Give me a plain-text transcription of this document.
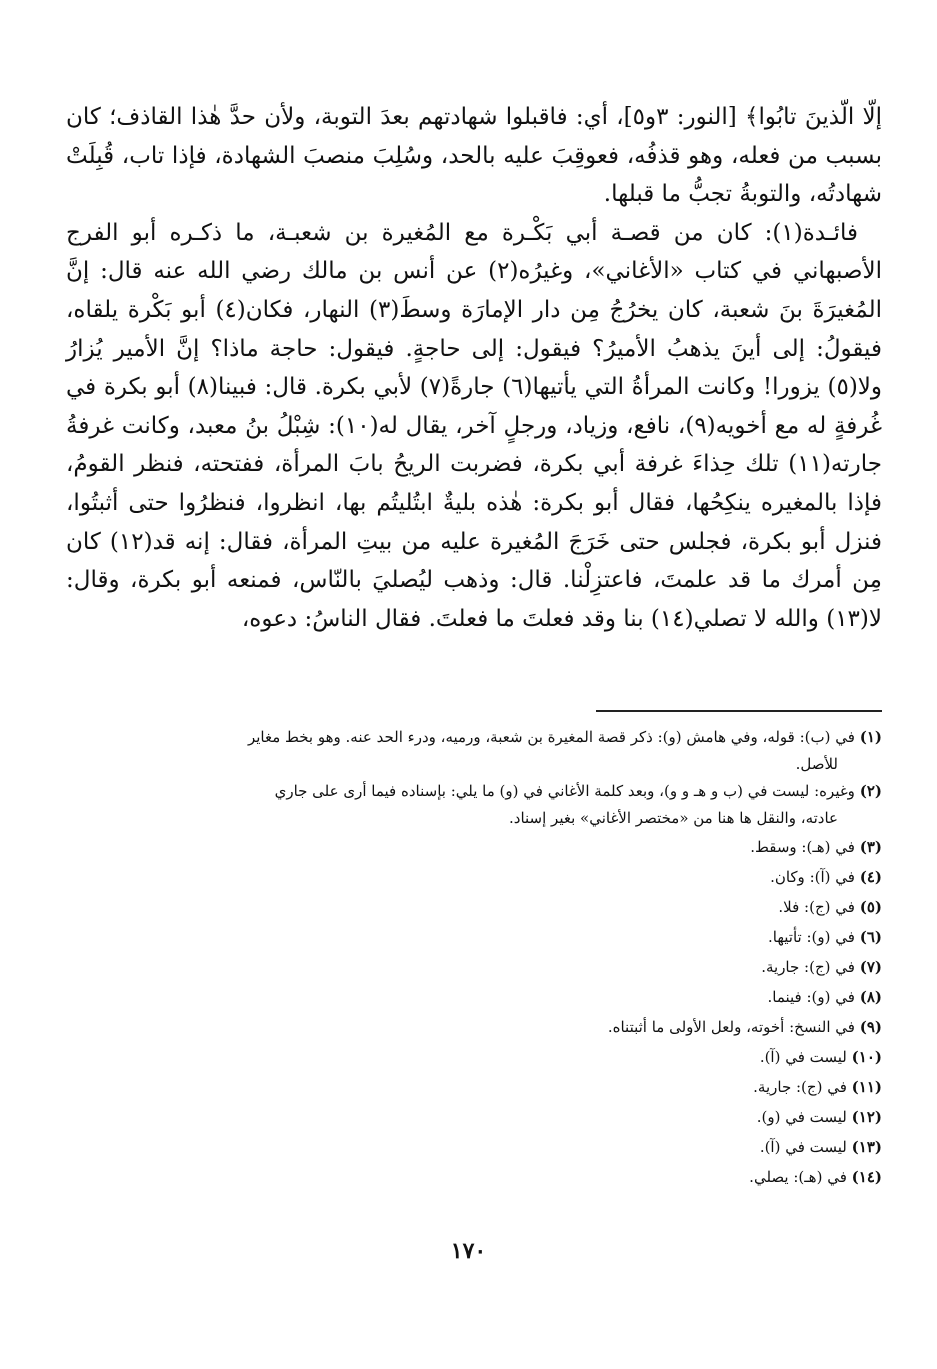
إلّا الّذينَ تابُوا﴾ [النور: ٣و٥]، أي: فاقبلوا شهادتهم بعدَ التوبة، ولأن حدَّ هٰذا القاذف؛ كان بسبب من فعله، وهو قذفُه، فعوقِبَ عليه بالحد، وسُلِبَ منصبَ الشهادة، فإذا تاب، قُبِلَتْ شهادتُه، والتوبةُ تجبُّ ما قبلها.

فائـدة(١): كان من قصـة أبي بَكْـرة مع المُغيرة بن شعبـة، ما ذكـره أبو الفرج الأصبهاني في كتاب «الأغاني»، وغيرُه(٢) عن أنس بن مالك رضي الله عنه قال: إنَّ المُغيرَةَ بنَ شعبة، كان يخرُجُ مِن دار الإمارَة وسطَ(٣) النهار، فكان(٤) أبو بَكْرة يلقاه، فيقولُ: إلى أينَ يذهبُ الأميرُ؟ فيقول: إلى حاجةٍ. فيقول: حاجة ماذا؟ إنَّ الأمير يُزارُ ولا(٥) يزورا! وكانت المرأةُ التي يأتيها(٦) جارةً(٧) لأبي بكرة. قال: فبينا(٨) أبو بكرة في غُرفةٍ له مع أخويه(٩)، نافع، وزياد، ورجلٍ آخر، يقال له(١٠): شِبْلُ بنُ معبد، وكانت غرفةُ جارته(١١) تلك حِذاءَ غرفة أبي بكرة، فضربت الريحُ بابَ المرأة، ففتحته، فنظر القومُ، فإذا بالمغيره ينكِحُها، فقال أبو بكرة: هٰذه بليةٌ ابتُليتُم بها، انظروا، فنظرُوا حتى أثبتُوا، فنزل أبو بكرة، فجلس حتى خَرَجَ المُغيرة عليه من بيتِ المرأة، فقال: إنه قد(١٢) كان مِن أمرك ما قد علمتَ، فاعتزِلْنا. قال: وذهب ليُصليَ بالنّاس، فمنعه أبو بكرة، وقال: لا(١٣) والله لا تصلي(١٤) بنا وقد فعلتَ ما فعلتَ. فقال الناسُ: دعوه،

(١) في (ب): قوله، وفي هامش (و): ذكر قصة المغيرة بن شعبة، ورميه، ودرء الحد عنه. وهو بخط مغاير
للأصل.

(٢) وغيره: ليست في (ب و هـ و و)، وبعد كلمة الأغاني في (و) ما يلي: بإسناده فيما أرى على جاري
عادته، والنقل ها هنا من «مختصر الأغاني» بغير إسناد.

(٣) في (هـ): وسقط.

(٤) في (آ): وكان.

(٥) في (ج): فلا.

(٦) في (و): تأتيها.

(٧) في (ج): جارية.

(٨) في (و): فينما.

(٩) في النسخ: أخوته، ولعل الأولى ما أثبتناه.

(١٠) ليست في (آ).

(١١) في (ج): جارية.

(١٢) ليست في (و).

(١٣) ليست في (آ).

(١٤) في (هـ): يصلي.

١٧٠
